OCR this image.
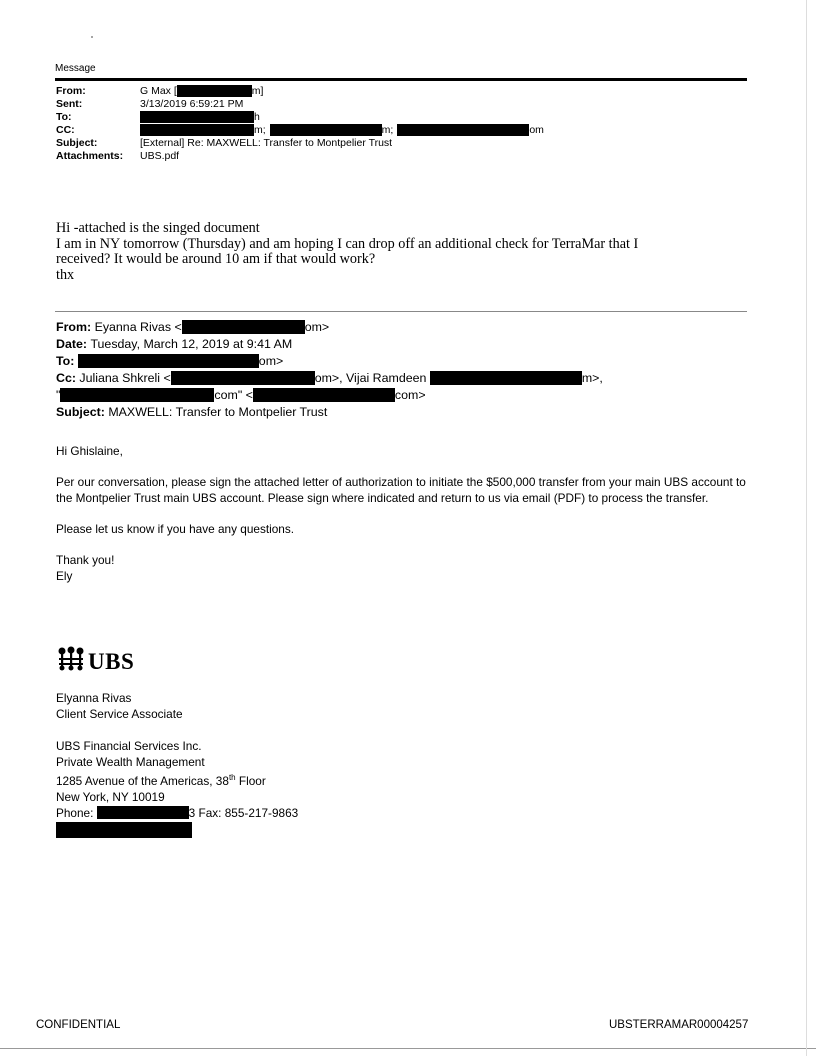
Message
From:	G Max [	m]
Sent:	3/13/2019 6:59:21 PM
To:	h
CC:	m;	m;	om
Subject:	[External] Re: MAXWELL: Transfer to Montpelier Trust
Attachments:	UBS.pdf
Hi -attached is the singed document
I am in NY tomorrow (Thursday) and am hoping I can drop off an additional check for TerraMar that I
received? It would be around 10 am if that would work?
thx
From:
Eyanna Rivas <	om>
Date:
Tuesday, March 12, 2019 at 9:41 AM
To:
	om>
Cc:
Juliana Shkreli <	om>, Vijai Ramdeen
	m>,
"	com" <	com>
Subject:
MAXWELL: Transfer to Montpelier Trust

Hi Ghislaine,

Per our conversation, please sign the attached letter of authorization to initiate the $500,000 transfer from your main UBS account to the Montpelier Trust main UBS account. Please sign where indicated and return to us via email (PDF) to process the transfer.

Please let us know if you have any questions.

Thank you!
Ely
UBS
Elyanna Rivas
Client Service Associate
UBS Financial Services Inc.
Private Wealth Management
1285 Avenue of the Americas, 38th Floor
New York, NY 10019
Phone:
	3
Fax: 855-217-9863
CONFIDENTIAL	UBSTERRAMAR00004257
